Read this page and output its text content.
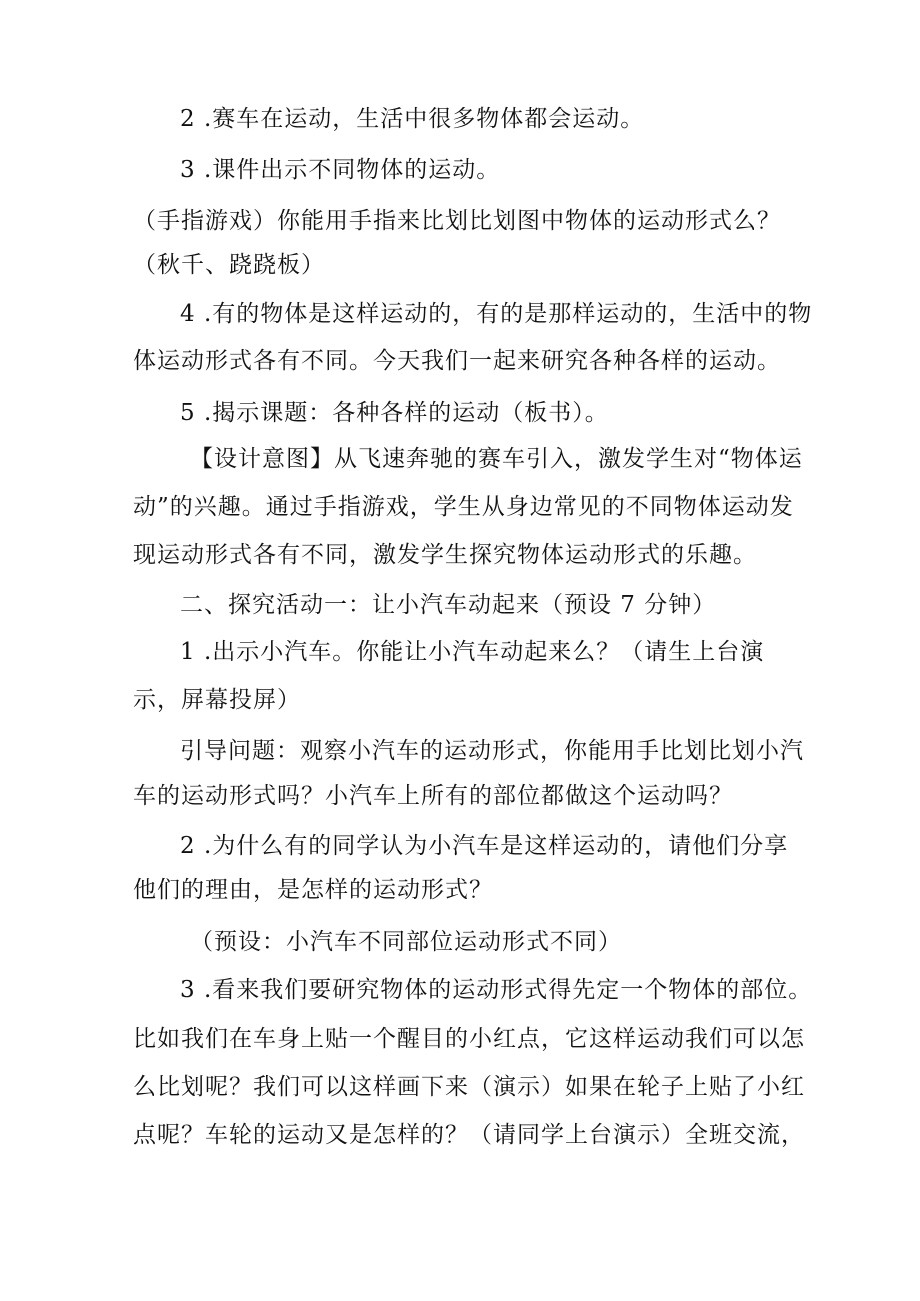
2 .赛车在运动，生活中很多物体都会运动。
3 .课件出示不同物体的运动。
（手指游戏）你能用手指来比划比划图中物体的运动形式么？
（秋千、跷跷板）
4 .有的物体是这样运动的，有的是那样运动的，生活中的物
体运动形式各有不同。今天我们一起来研究各种各样的运动。
5 .揭示课题：各种各样的运动（板书）。
【设计意图】从飞速奔驰的赛车引入，激发学生对“物体运
动”的兴趣。通过手指游戏，学生从身边常见的不同物体运动发
现运动形式各有不同，激发学生探究物体运动形式的乐趣。
二、探究活动一：让小汽车动起来（预设 7 分钟）
1 .出示小汽车。你能让小汽车动起来么？（请生上台演
示，屏幕投屏）
引导问题：观察小汽车的运动形式，你能用手比划比划小汽
车的运动形式吗？小汽车上所有的部位都做这个运动吗？
2 .为什么有的同学认为小汽车是这样运动的，请他们分享
他们的理由，是怎样的运动形式？
（预设：小汽车不同部位运动形式不同）
3 .看来我们要研究物体的运动形式得先定一个物体的部位。
比如我们在车身上贴一个醒目的小红点，它这样运动我们可以怎
么比划呢？我们可以这样画下来（演示）如果在轮子上贴了小红
点呢？车轮的运动又是怎样的？（请同学上台演示）全班交流，
